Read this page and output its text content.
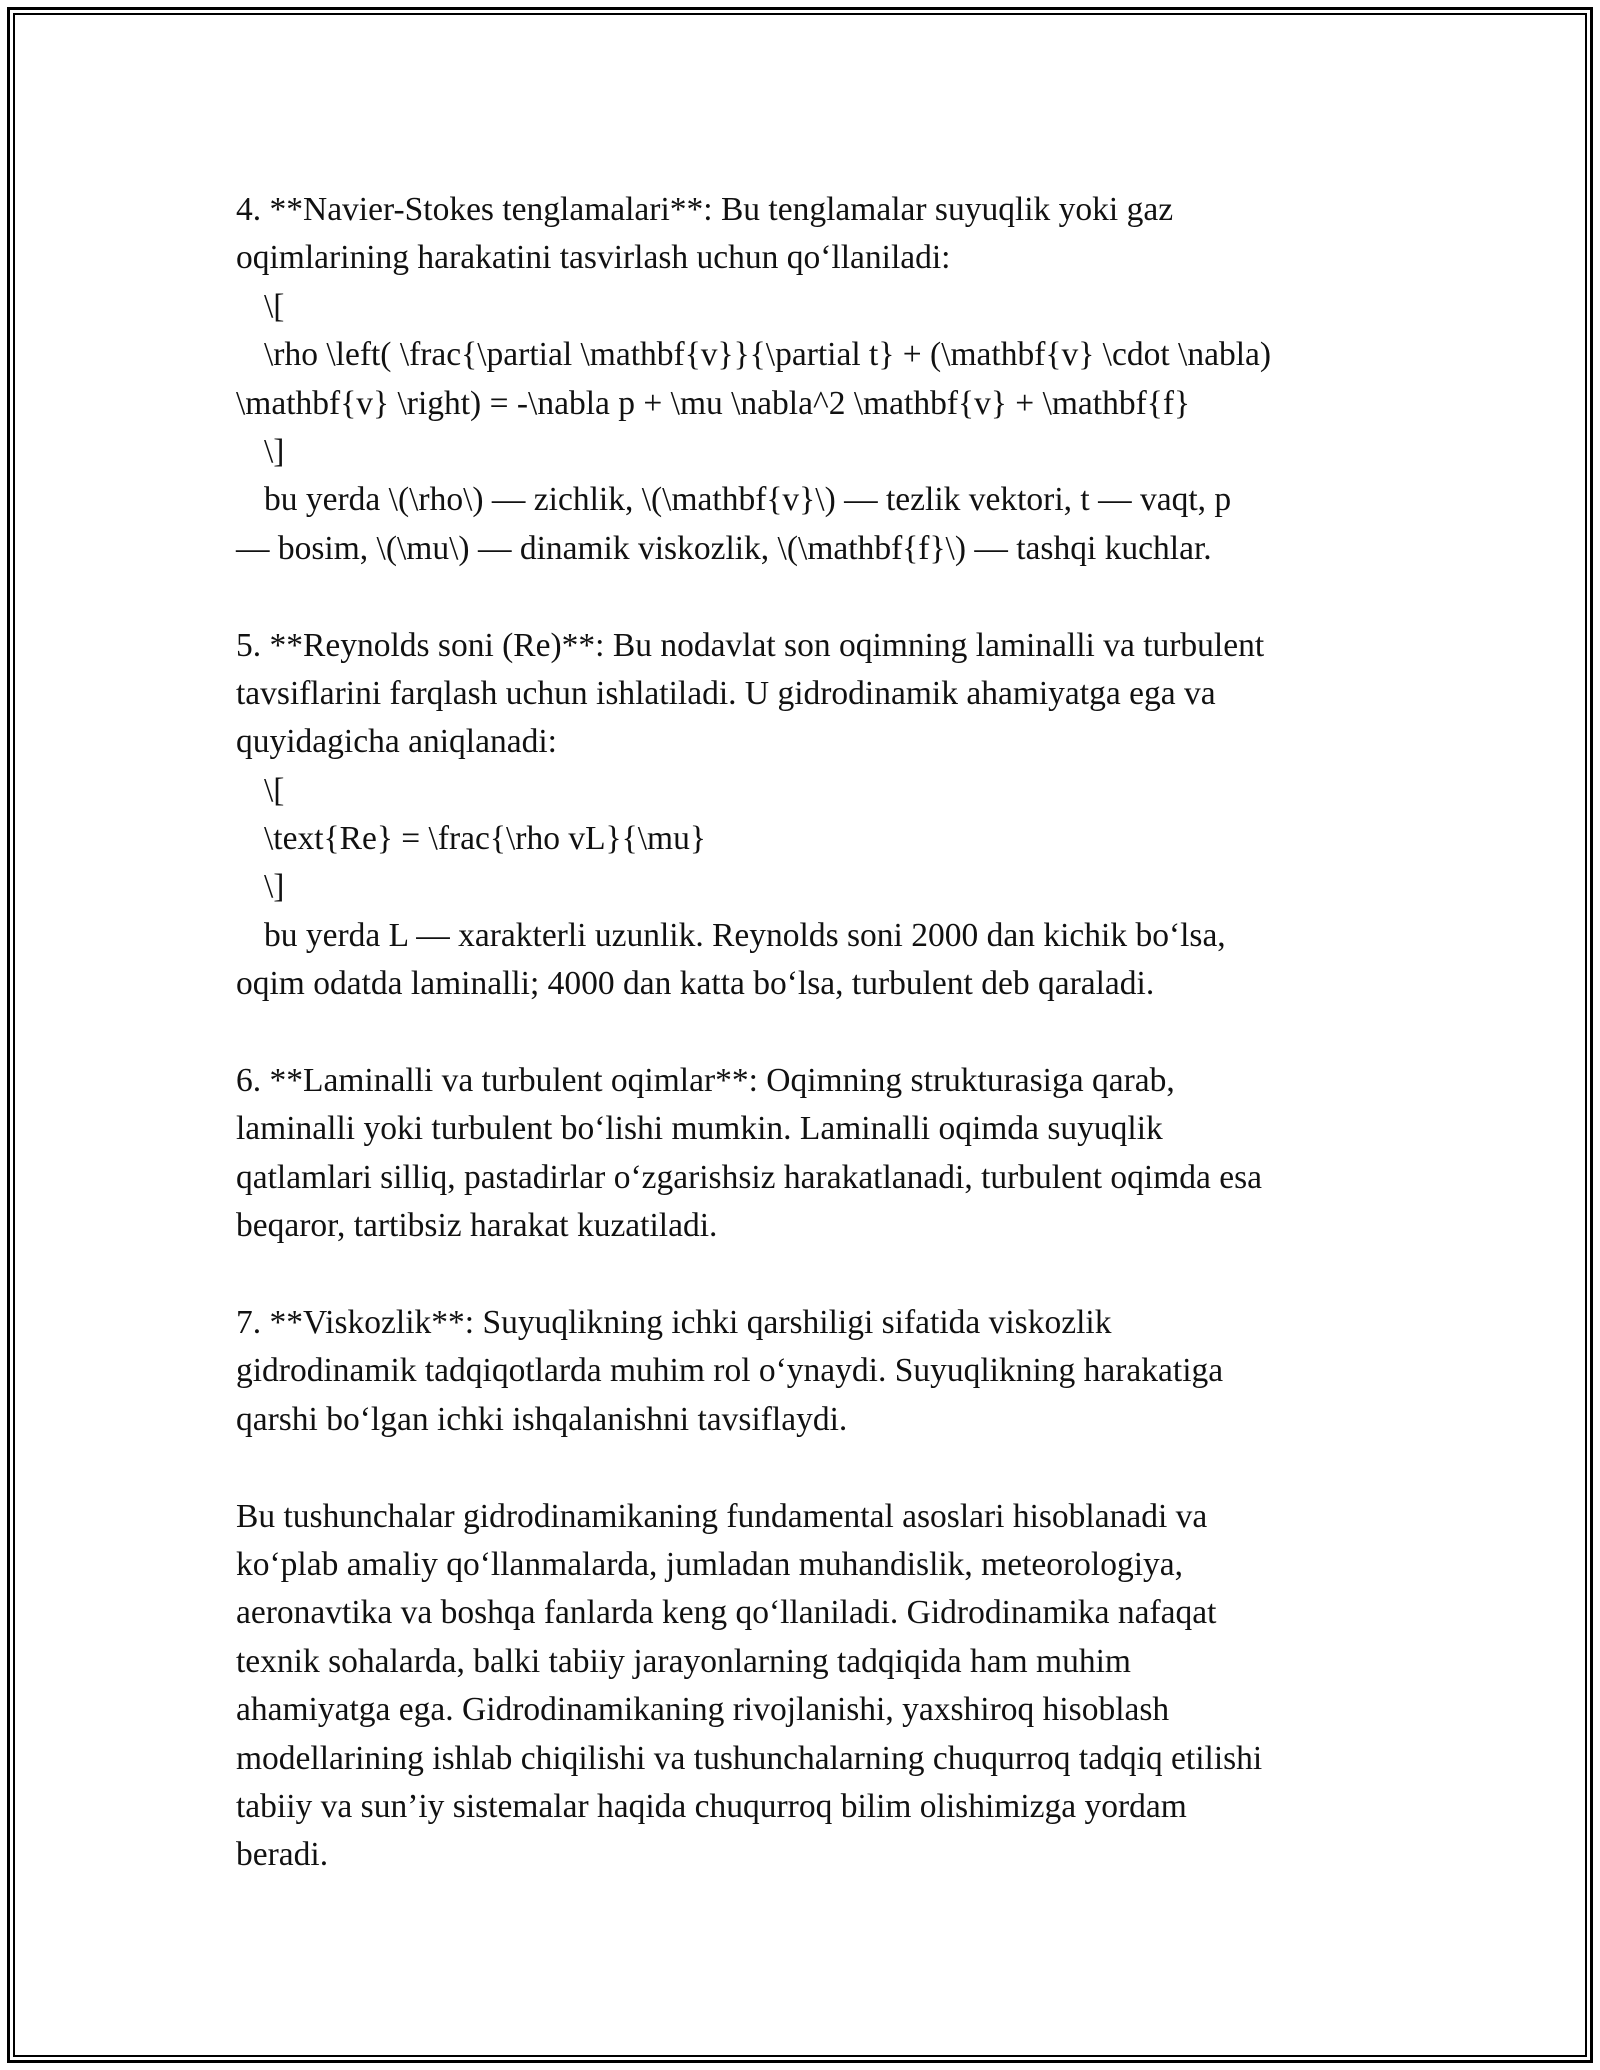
4. **Navier-Stokes tenglamalari**: Bu tenglamalar suyuqlik yoki gaz
oqimlarining harakatini tasvirlash uchun qo‘llaniladi:
\[
\rho \left( \frac{\partial \mathbf{v}}{\partial t} + (\mathbf{v} \cdot \nabla)
\mathbf{v} \right) = -\nabla p + \mu \nabla^2 \mathbf{v} + \mathbf{f}
\]
bu yerda \(\rho\) — zichlik, \(\mathbf{v}\) — tezlik vektori, t — vaqt, p
— bosim, \(\mu\) — dinamik viskozlik, \(\mathbf{f}\) — tashqi kuchlar.
5. **Reynolds soni (Re)**: Bu nodavlat son oqimning laminalli va turbulent
tavsiflarini farqlash uchun ishlatiladi. U gidrodinamik ahamiyatga ega va
quyidagicha aniqlanadi:
\[
\text{Re} = \frac{\rho vL}{\mu}
\]
bu yerda L — xarakterli uzunlik. Reynolds soni 2000 dan kichik bo‘lsa,
oqim odatda laminalli; 4000 dan katta bo‘lsa, turbulent deb qaraladi.
6. **Laminalli va turbulent oqimlar**: Oqimning strukturasiga qarab,
laminalli yoki turbulent bo‘lishi mumkin. Laminalli oqimda suyuqlik
qatlamlari silliq, pastadirlar o‘zgarishsiz harakatlanadi, turbulent oqimda esa
beqaror, tartibsiz harakat kuzatiladi.
7. **Viskozlik**: Suyuqlikning ichki qarshiligi sifatida viskozlik
gidrodinamik tadqiqotlarda muhim rol o‘ynaydi. Suyuqlikning harakatiga
qarshi bo‘lgan ichki ishqalanishni tavsiflaydi.
Bu tushunchalar gidrodinamikaning fundamental asoslari hisoblanadi va
ko‘plab amaliy qo‘llanmalarda, jumladan muhandislik, meteorologiya,
aeronavtika va boshqa fanlarda keng qo‘llaniladi. Gidrodinamika nafaqat
texnik sohalarda, balki tabiiy jarayonlarning tadqiqida ham muhim
ahamiyatga ega. Gidrodinamikaning rivojlanishi, yaxshiroq hisoblash
modellarining ishlab chiqilishi va tushunchalarning chuqurroq tadqiq etilishi
tabiiy va sun’iy sistemalar haqida chuqurroq bilim olishimizga yordam
beradi.
